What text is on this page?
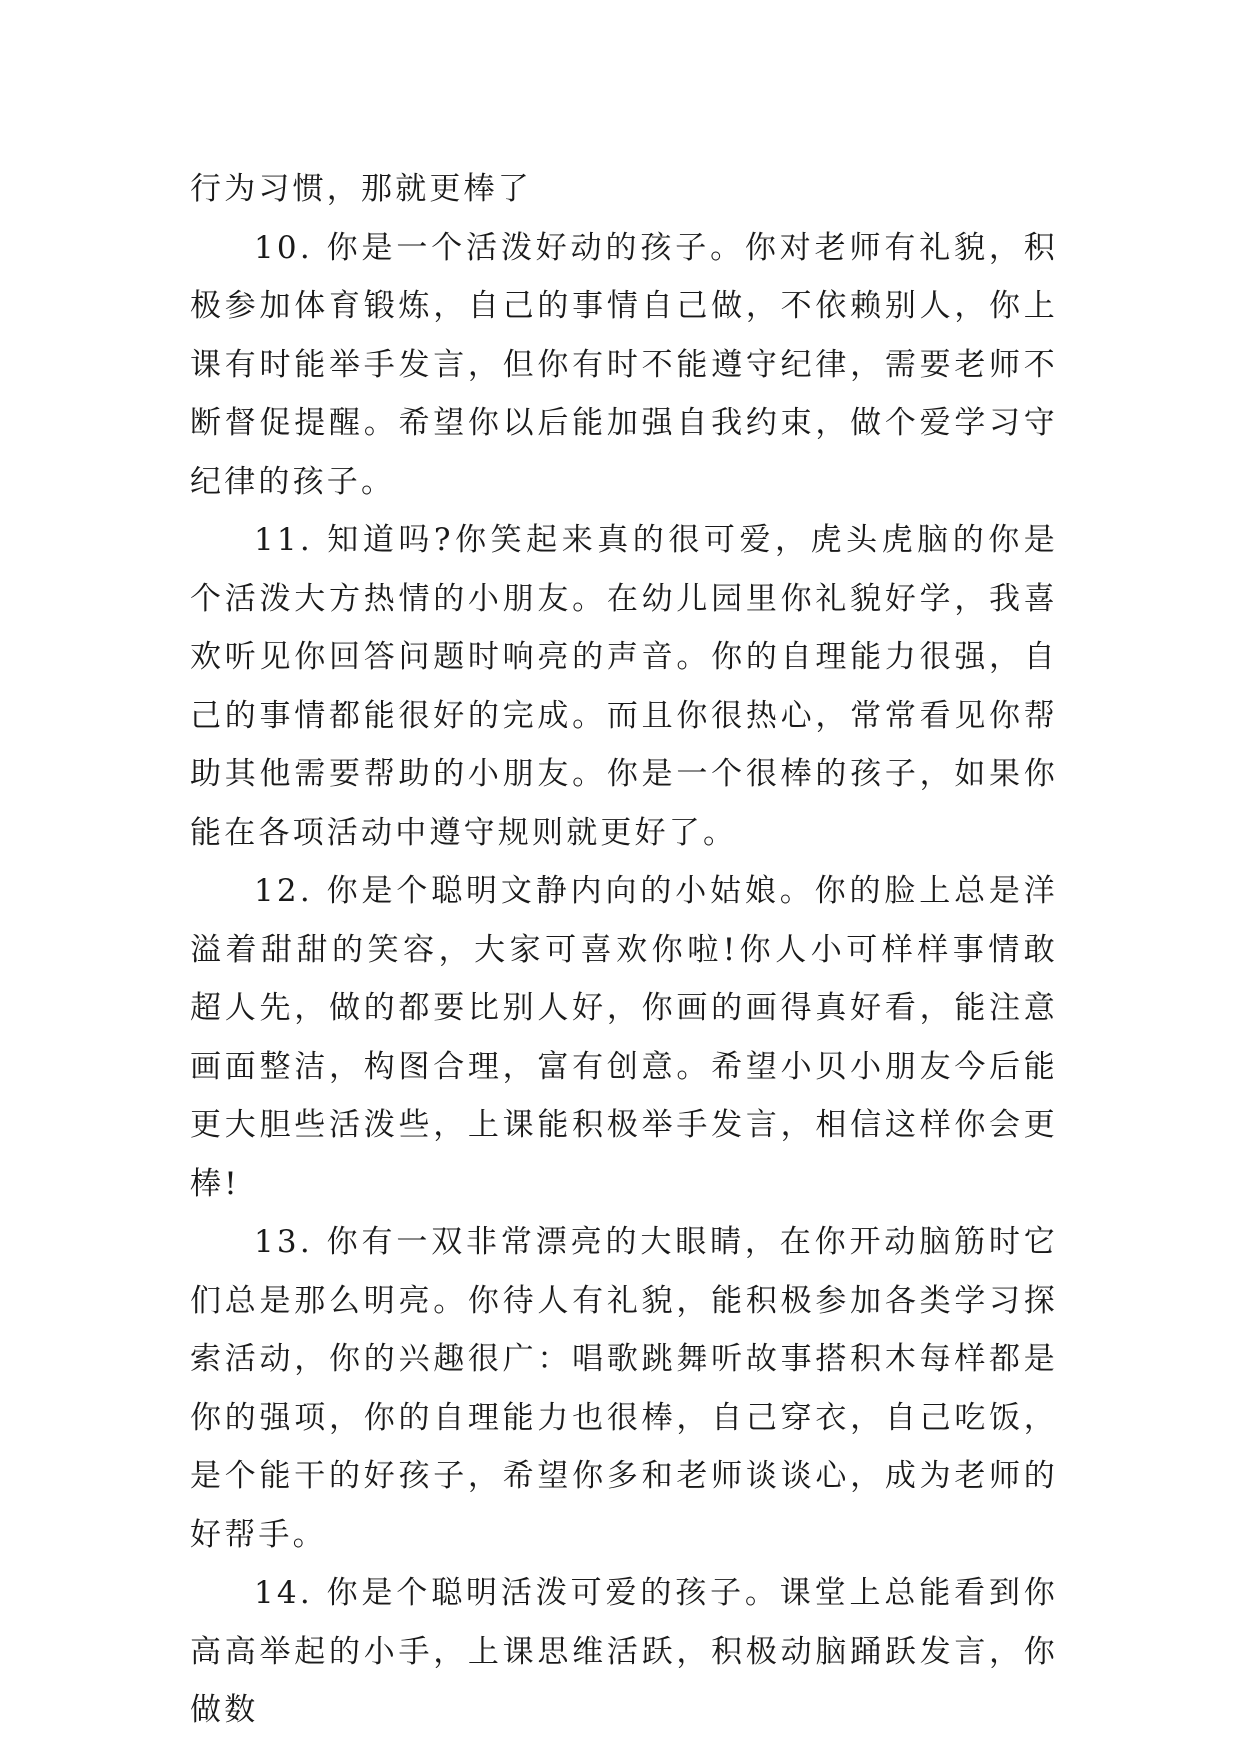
行为习惯，那就更棒了

10. 你是一个活泼好动的孩子。你对老师有礼貌，积极参加体育锻炼，自己的事情自己做，不依赖别人，你上课有时能举手发言，但你有时不能遵守纪律，需要老师不断督促提醒。希望你以后能加强自我约束，做个爱学习守纪律的孩子。

11. 知道吗?你笑起来真的很可爱，虎头虎脑的你是个活泼大方热情的小朋友。在幼儿园里你礼貌好学，我喜欢听见你回答问题时响亮的声音。你的自理能力很强，自己的事情都能很好的完成。而且你很热心，常常看见你帮助其他需要帮助的小朋友。你是一个很棒的孩子，如果你能在各项活动中遵守规则就更好了。

12. 你是个聪明文静内向的小姑娘。你的脸上总是洋溢着甜甜的笑容，大家可喜欢你啦!你人小可样样事情敢超人先，做的都要比别人好，你画的画得真好看，能注意画面整洁，构图合理，富有创意。希望小贝小朋友今后能更大胆些活泼些，上课能积极举手发言，相信这样你会更棒!

13. 你有一双非常漂亮的大眼睛，在你开动脑筋时它们总是那么明亮。你待人有礼貌，能积极参加各类学习探索活动，你的兴趣很广：唱歌跳舞听故事搭积木每样都是你的强项，你的自理能力也很棒，自己穿衣，自己吃饭，是个能干的好孩子，希望你多和老师谈谈心，成为老师的好帮手。

14. 你是个聪明活泼可爱的孩子。课堂上总能看到你高高举起的小手，上课思维活跃，积极动脑踊跃发言，你做数
